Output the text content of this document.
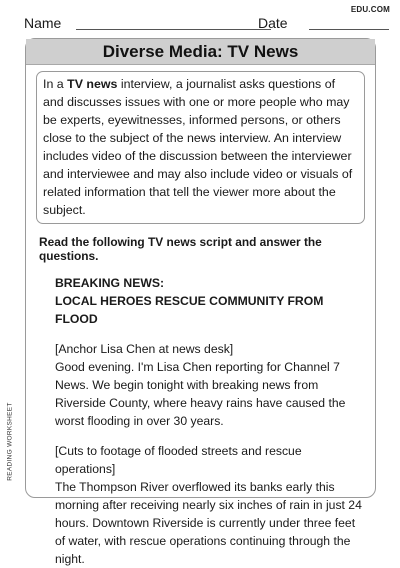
EDU.COM
Name	Date
Diverse Media: TV News
In a TV news interview, a journalist asks questions of and discusses issues with one or more people who may be experts, eyewitnesses, informed persons, or others close to the subject of the news interview. An interview includes video of the discussion between the interviewer and interviewee and may also include video or visuals of related information that tell the viewer more about the subject.
Read the following TV news script and answer the questions.
BREAKING NEWS:
LOCAL HEROES RESCUE COMMUNITY FROM FLOOD
[Anchor Lisa Chen at news desk]
Good evening. I'm Lisa Chen reporting for Channel 7 News. We begin tonight with breaking news from Riverside County, where heavy rains have caused the worst flooding in over 30 years.
[Cuts to footage of flooded streets and rescue operations]
The Thompson River overflowed its banks early this morning after receiving nearly six inches of rain in just 24 hours. Downtown Riverside is currently under three feet of water, with rescue operations continuing through the night.
READING WORKSHEET
